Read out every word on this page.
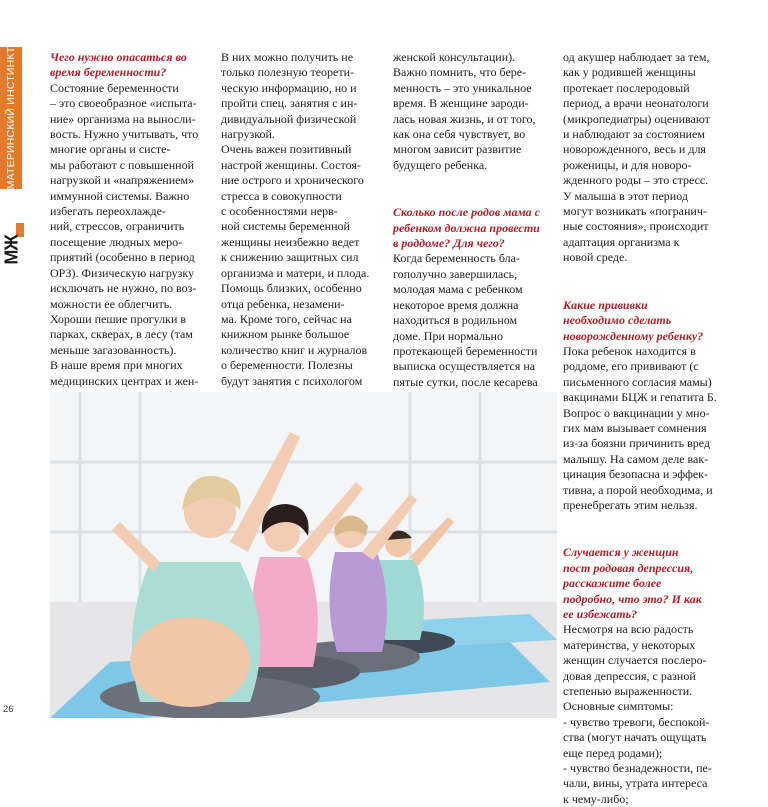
МАТЕРИНСКИЙ ИНСТИНКТ
МЖ
26
Чего нужно опасаться во
время беременности?

Состояние беременности
– это своеобразное «испыта-
ние» организма на выносли-
вость. Нужно учитывать, что
многие органы и систе-
мы работают с повышенной
нагрузкой и «напряжением»
иммунной системы. Важно
избегать переохлажде-
ний, стрессов, ограничить
посещение людных меро-
приятий (особенно в период
ОРЗ). Физическую нагрузку
исключать не нужно, по воз-
можности ее облегчить.
Хороши пешие прогулки в
парках, скверах, в лесу (там
меньше загазованность).
В наше время при многих
медицинских центрах и жен-

В них можно получить не
только полезную теорети-
ческую информацию, но и
пройти спец. занятия с ин-
дивидуальной физической
нагрузкой.
Очень важен позитивный
настрой женщины. Состоя-
ние острого и хронического
стресса в совокупности
с особенностями нерв-
ной системы беременной
женщины неизбежно ведет
к снижению защитных сил
организма и матери, и плода.
Помощь близких, особенно
отца ребенка, незамени-
ма. Кроме того, сейчас на
книжном рынке большое
количество книг и журналов
о беременности. Полезны
будут занятия с психологом

женской консультации).
Важно помнить, что бере-
менность – это уникальное
время. В женщине зароди-
лась новая жизнь, и от того,
как она себя чувствует, во
многом зависит развитие
будущего ребенка.

Сколько после родов мама с
ребенком должна провести
в роддоме? Для чего?

Когда беременность бла-
гополучно завершилась,
молодая мама с ребенком
некоторое время должна
находиться в родильном
доме. При нормально
протекающей беременности
выписка осуществляется на
пятые сутки, после кесарева

од акушер наблюдает за тем,
как у родившей женщины
протекает послеродовый
период, а врачи неонатологи
(микропедиатры) оценивают
и наблюдают за состоянием
новорожденного, весь и для
роженицы, и для новоро-
жденного роды – это стресс.
У малыша в этот период
могут возникать «погранич-
ные состояния», происходит
адаптация организма к
новой среде.

Какие прививки
необходимо сделать
новорожденному ребенку?

Пока ребенок находится в
роддоме, его прививают (с
письменного согласия мамы)
вакцинами БЦЖ и гепатита Б.
Вопрос о вакцинации у мно-
гих мам вызывает сомнения
из-за боязни причинить вред
малышу. На самом деле вак-
цинация безопасна и эффек-
тивна, а порой необходима, и
пренебрегать этим нельзя.

Случается у женщин
пост родовая депрессия,
расскажите более
подробно, что это? И как
ее избежать?

Несмотря на всю радость
материнства, у некоторых
женщин случается послеро-
довая депрессия, с разной
степенью выраженности.
Основные симптомы:
- чувство тревоги, беспокой-
ства (могут начать ощущать
еще перед родами);
- чувство безнадежности, пе-
чали, вины, утрата интереса
к чему-либо;
